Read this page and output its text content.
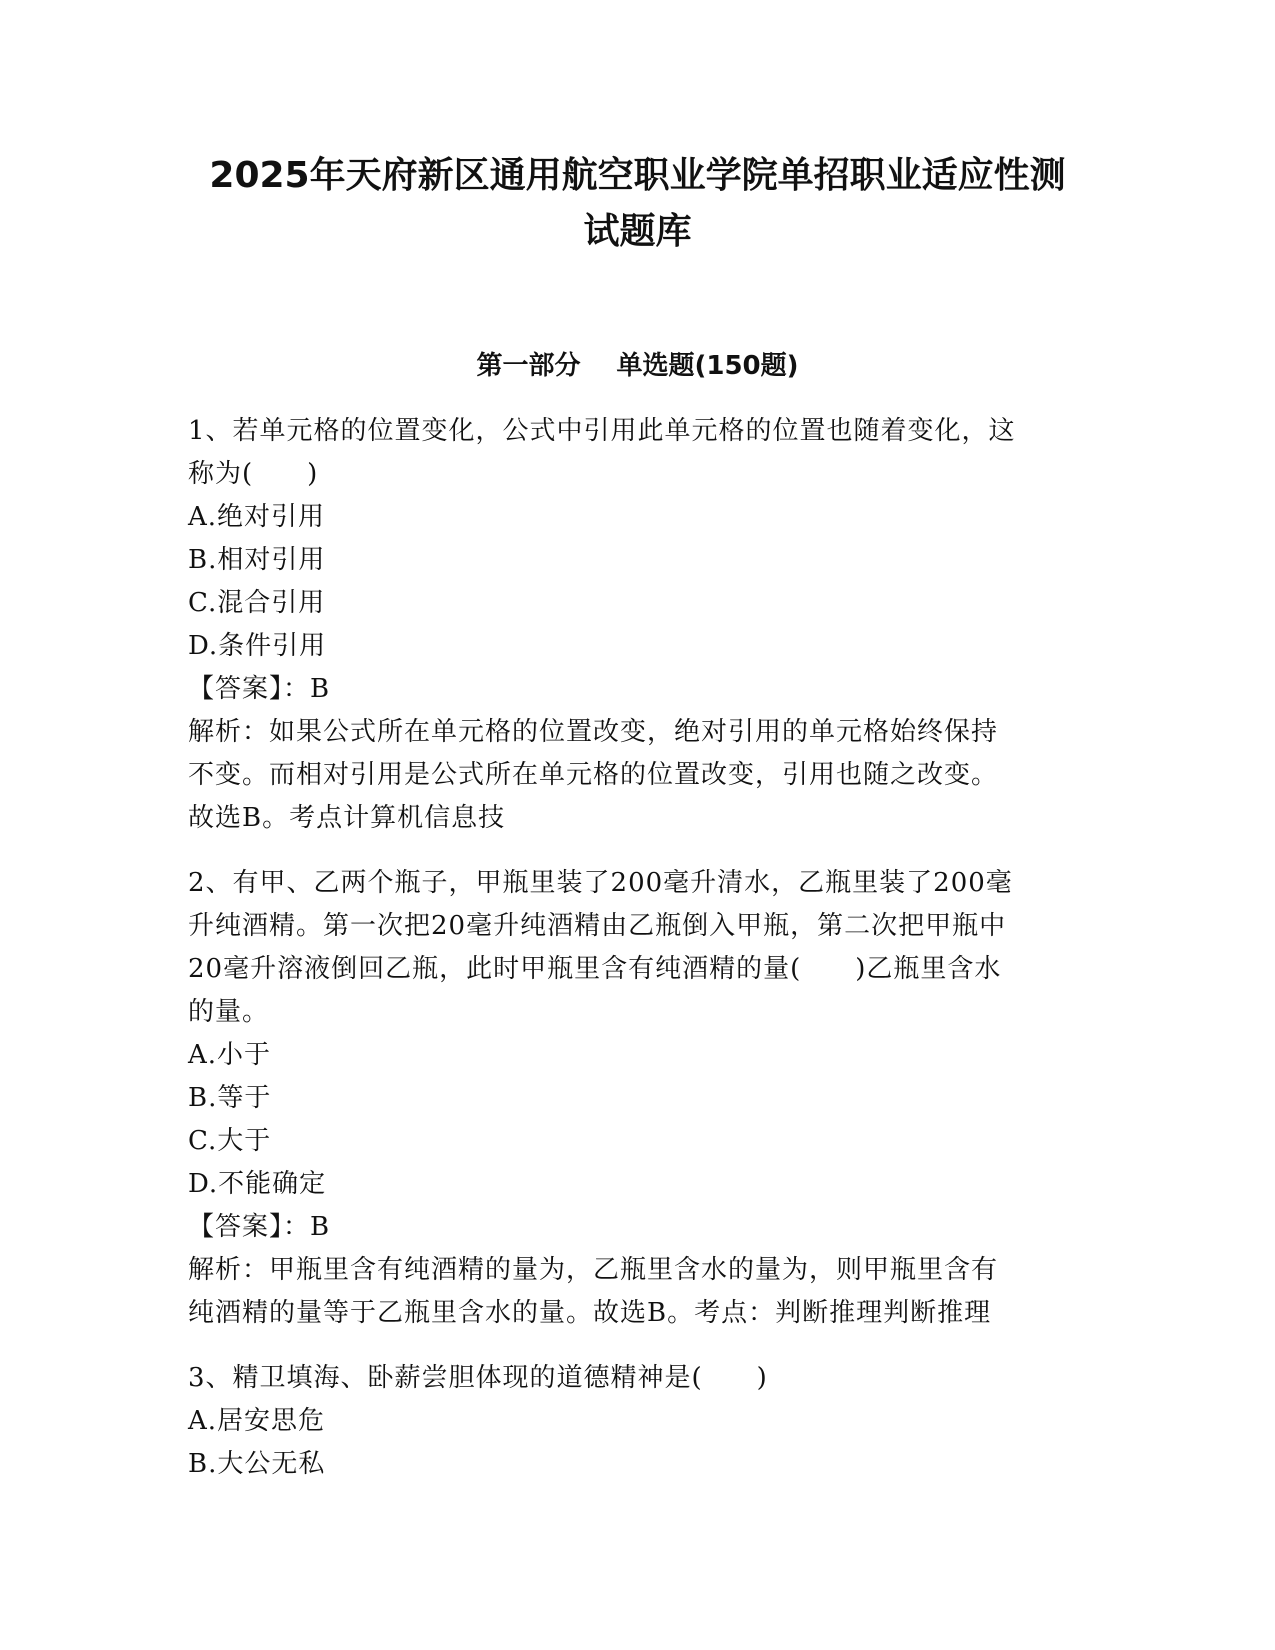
2025年天府新区通用航空职业学院单招职业适应性测
试题库
第一部分 单选题(150题)

1、若单元格的位置变化，公式中引用此单元格的位置也随着变化，这

称为(　　)

A.绝对引用

B.相对引用

C.混合引用

D.条件引用

【答案】：B

解析：如果公式所在单元格的位置改变，绝对引用的单元格始终保持

不变。而相对引用是公式所在单元格的位置改变，引用也随之改变。

故选B。考点计算机信息技

2、有甲、乙两个瓶子，甲瓶里装了200毫升清水，乙瓶里装了200毫

升纯酒精。第一次把20毫升纯酒精由乙瓶倒入甲瓶，第二次把甲瓶中

20毫升溶液倒回乙瓶，此时甲瓶里含有纯酒精的量(　　)乙瓶里含水

的量。

A.小于

B.等于

C.大于

D.不能确定

【答案】：B

解析：甲瓶里含有纯酒精的量为，乙瓶里含水的量为，则甲瓶里含有

纯酒精的量等于乙瓶里含水的量。故选B。考点：判断推理判断推理

3、精卫填海、卧薪尝胆体现的道德精神是(　　)

A.居安思危

B.大公无私
